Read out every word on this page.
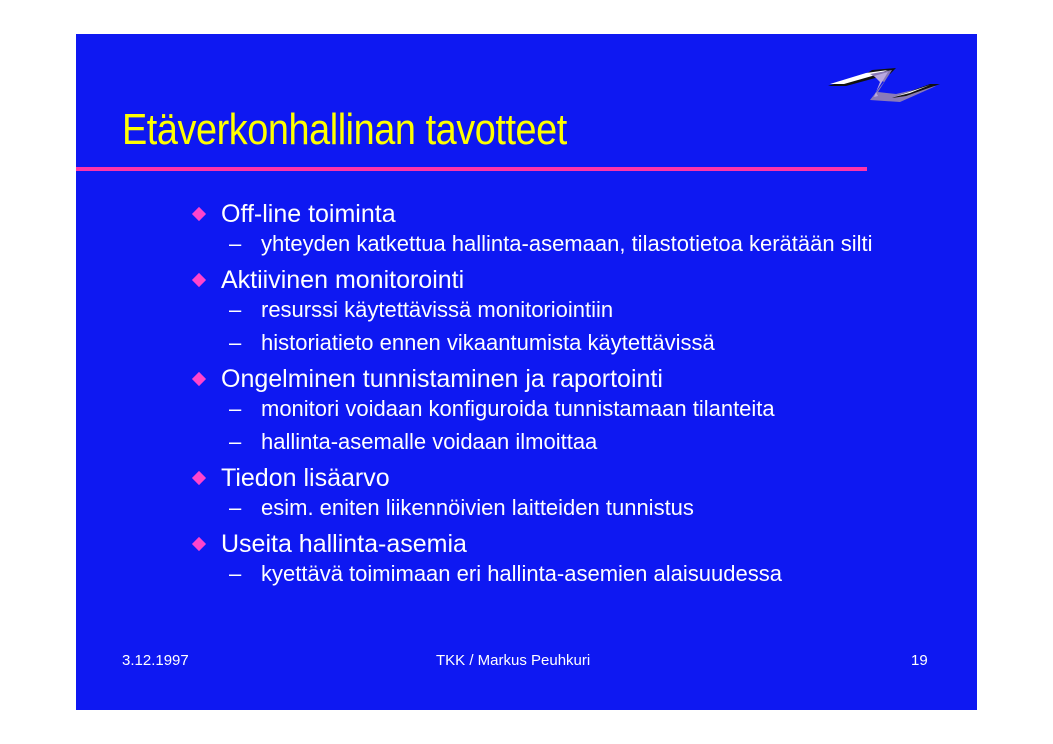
Etäverkonhallinan tavotteet
Off-line toiminta
– yhteyden katkettua hallinta-asemaan, tilastotietoa kerätään silti
Aktiivinen monitorointi
– resurssi käytettävissä monitoriointiin
– historiatieto ennen vikaantumista käytettävissä
Ongelminen tunnistaminen ja raportointi
– monitori voidaan konfiguroida tunnistamaan tilanteita
– hallinta-asemalle voidaan ilmoittaa
Tiedon lisäarvo
– esim. eniten liikennöivien laitteiden tunnistus
Useita hallinta-asemia
– kyettävä toimimaan eri hallinta-asemien alaisuudessa
3.12.1997	TKK / Markus Peuhkuri	19
